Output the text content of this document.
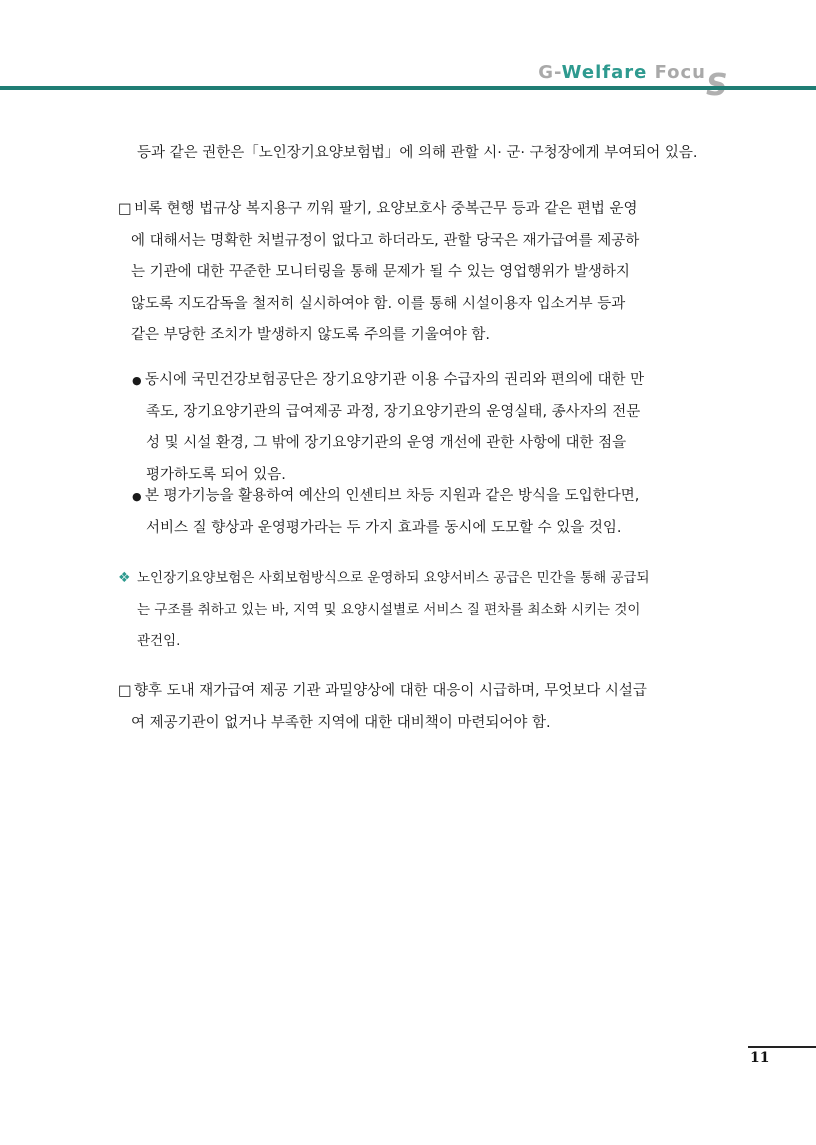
G-Welfare Focu
등과 같은 권한은「노인장기요양보험법」에 의해 관할 시· 군· 구청장에게 부여되어 있음.
□ 비록 현행 법규상 복지용구 끼워 팔기, 요양보호사 중복근무 등과 같은 편법 운영
에 대해서는 명확한 처벌규정이 없다고 하더라도, 관할 당국은 재가급여를 제공하
는 기관에 대한 꾸준한 모니터링을 통해 문제가 될 수 있는 영업행위가 발생하지
않도록 지도감독을 철저히 실시하여야 함. 이를 통해 시설이용자 입소거부 등과
같은 부당한 조치가 발생하지 않도록 주의를 기울여야 함.
● 동시에 국민건강보험공단은 장기요양기관 이용 수급자의 권리와 편의에 대한 만
족도, 장기요양기관의 급여제공 과정, 장기요양기관의 운영실태, 종사자의 전문
성 및 시설 환경, 그 밖에 장기요양기관의 운영 개선에 관한 사항에 대한 점을
평가하도록 되어 있음.
● 본 평가기능을 활용하여 예산의 인센티브 차등 지원과 같은 방식을 도입한다면,
서비스 질 향상과 운영평가라는 두 가지 효과를 동시에 도모할 수 있을 것임.
❖ 노인장기요양보험은 사회보험방식으로 운영하되 요양서비스 공급은 민간을 통해 공급되
는 구조를 취하고 있는 바, 지역 및 요양시설별로 서비스 질 편차를 최소화 시키는 것이
관건임.
□ 향후 도내 재가급여 제공 기관 과밀양상에 대한 대응이 시급하며, 무엇보다 시설급
여 제공기관이 없거나 부족한 지역에 대한 대비책이 마련되어야 함.
11
